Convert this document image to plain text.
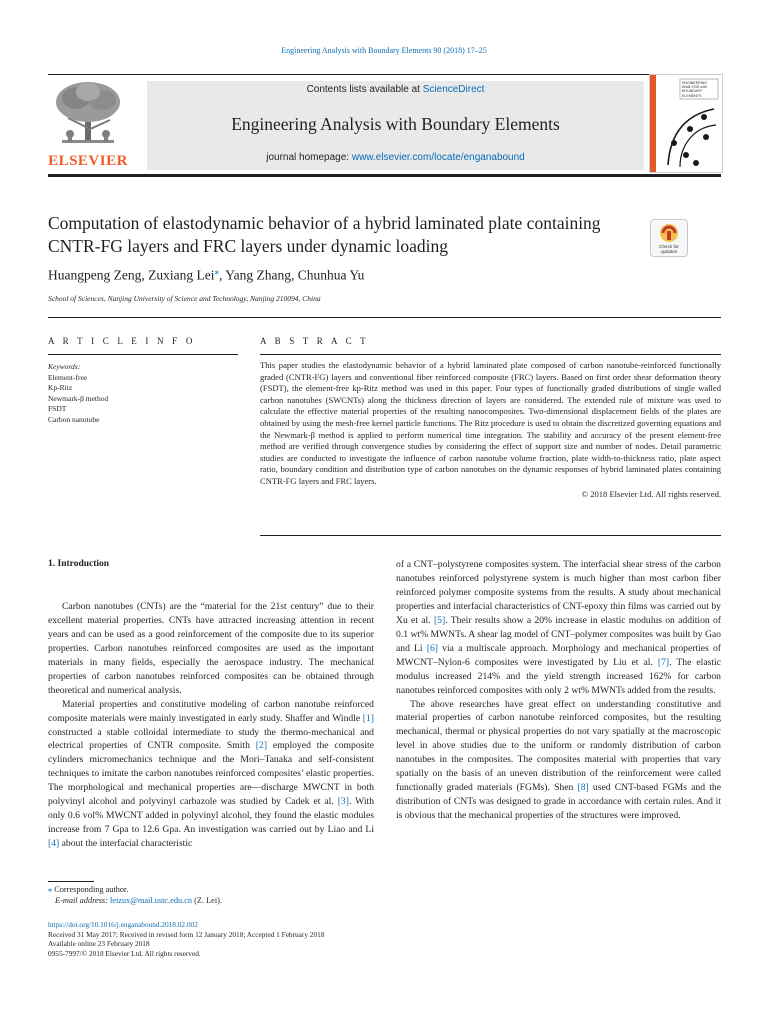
Engineering Analysis with Boundary Elements 90 (2018) 17–25
ELSEVIER
Contents lists available at ScienceDirect
Engineering Analysis with Boundary Elements
journal homepage: www.elsevier.com/locate/enganabound
ENGINEERING ANALYSIS with BOUNDARY ELEMENTS
Computation of elastodynamic behavior of a hybrid laminated plate containing CNTR-FG layers and FRC layers under dynamic loading	Check for updates
Huangpeng Zeng, Zuxiang Lei⁎, Yang Zhang, Chunhua Yu
School of Sciences, Nanjing University of Science and Technology, Nanjing 210094, China
A R T I C L E I N F O
Keywords:
Element-free
Kp-Ritz
Newmark-β method
FSDT
Carbon nanotube
A B S T R A C T
This paper studies the elastodynamic behavior of a hybrid laminated plate composed of carbon nanotube-reinforced functionally graded (CNTR-FG) layers and conventional fiber reinforced composite (FRC) layers. Based on first order shear deformation theory (FSDT), the element-free kp-Ritz method was used in this paper. Four types of functionally graded distributions of single walled carbon nanotubes (SWCNTs) along the thickness direction of layers are considered. The extended rule of mixture was used to calculate the effective material properties of the resulting nanocomposites. Two-dimensional displacement fields of the plates are obtained by using the mesh-free kernel particle functions. The Ritz procedure is used to obtain the discretized governing equations and the Newmark-β method is applied to perform numerical time integration. The stability and accuracy of the present element-free method are verified through convergence studies by considering the effect of support size and number of nodes. Detail parametric studies are conducted to investigate the influence of carbon nanotube volume fraction, plate width-to-thickness ratio, plate aspect ratio, boundary condition and distribution type of carbon nanotubes on the dynamic responses of hybrid laminated plates containing CNTR-FG layers and FRC layers.
© 2018 Elsevier Ltd. All rights reserved.

1. Introduction

Carbon nanotubes (CNTs) are the “material for the 21st century” due to their excellent material properties. CNTs have attracted increasing attention in recent years and can be used as a good reinforcement of the composite due to its superior properties. Carbon nanotubes reinforced composites are used as the important materials in many fields, especially the aerospace industry. The mechanical properties of carbon nanotubes reinforced composites can be obtained through theoretical and numerical analysis.

Material properties and constitutive modeling of carbon nanotube reinforced composite materials were mainly investigated in early study. Shaffer and Windle [1] constructed a stable colloidal intermediate to study the thermo-mechanical and electrical properties of CNTR composite. Smith [2] employed the composite cylinders micromechanics technique and the Mori–Tanaka and self-consistent techniques to imitate the carbon nanotubes reinforced composites’ elastic properties. The morphological and mechanical properties are—discharge MWCNT in both polyvinyl alcohol and polyvinyl carbazole was studied by Cadek et al. [3]. With only 0.6 vol% MWCNT added in polyvinyl alcohol, they found the elastic modules increase from 7 Gpa to 12.6 Gpa. An investigation was carried out by Liao and Li [4] about the interfacial characteristic

of a CNT–polystyrene composites system. The interfacial shear stress of the carbon nanotubes reinforced polystyrene system is much higher than most carbon fiber reinforced polymer composite systems from the results. A study about mechanical properties and interfacial characteristics of CNT-epoxy thin films was carried out by Xu et al. [5]. Their results show a 20% increase in elastic modulus on addition of 0.1 wt% MWNTs. A shear lag model of CNT–polymer composites was built by Gao and Li [6] via a multiscale approach. Morphology and mechanical properties of MWCNT–Nylon-6 composites were investigated by Liu et al. [7]. The elastic modulus increased 214% and the yield strength increased 162% for carbon nanotubes reinforced composites with only 2 wt% MWNTs added from the results.

The above researches have great effect on understanding constitutive and material properties of carbon nanotube reinforced composites, but the resulting mechanical, thermal or physical properties do not vary spatially at the macroscopic level in above studies due to the uniform or randomly distribution of carbon nanotubes in the composites. The composites material with properties that vary spatially on the basis of an uneven distribution of the reinforcement were called functionally graded materials (FGMs). Shen [8] used CNT-based FGMs and the distribution of CNTs was designed to grade in accordance with certain rules. And it is obvious that the mechanical properties of the structures were improved.

⁎ Corresponding author.
E-mail address: leizux@mail.ustc.edu.cn (Z. Lei).
https://doi.org/10.1016/j.enganabound.2018.02.002
Received 31 May 2017; Received in revised form 12 January 2018; Accepted 1 February 2018
Available online 23 February 2018
0955-7997/© 2018 Elsevier Ltd. All rights reserved.
